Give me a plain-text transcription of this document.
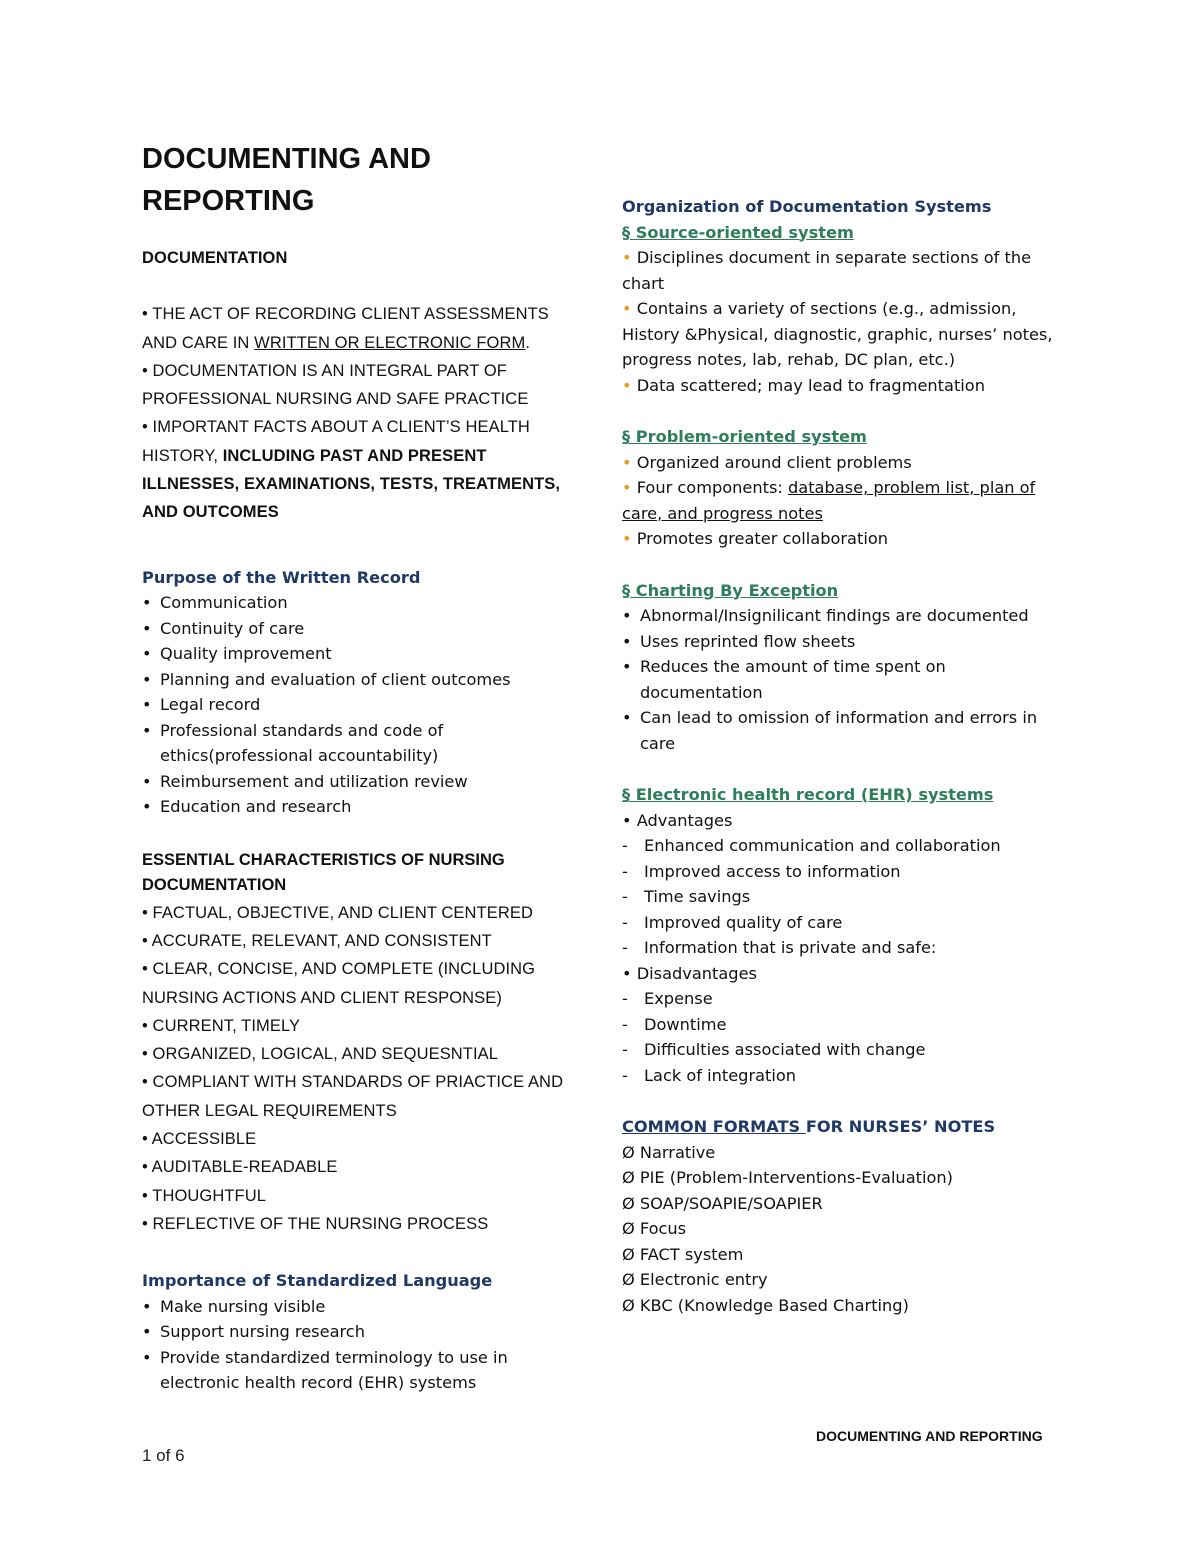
DOCUMENTING AND
REPORTING
DOCUMENTATION
• THE ACT OF RECORDING CLIENT ASSESSMENTS AND CARE IN WRITTEN OR ELECTRONIC FORM.
• DOCUMENTATION IS AN INTEGRAL PART OF PROFESSIONAL NURSING AND SAFE PRACTICE
• IMPORTANT FACTS ABOUT A CLIENT’S HEALTH HISTORY, INCLUDING PAST AND PRESENT ILLNESSES, EXAMINATIONS, TESTS, TREATMENTS, AND OUTCOMES
Purpose of the Written Record
• Communication
• Continuity of care
• Quality improvement
• Planning and evaluation of client outcomes
• Legal record
• Professional standards and code of ethics(professional accountability)
• Reimbursement and utilization review
• Education and research
ESSENTIAL CHARACTERISTICS OF NURSING DOCUMENTATION
• FACTUAL, OBJECTIVE, AND CLIENT CENTERED
• ACCURATE, RELEVANT, AND CONSISTENT
• CLEAR, CONCISE, AND COMPLETE (INCLUDING NURSING ACTIONS AND CLIENT RESPONSE)
• CURRENT, TIMELY
• ORGANIZED, LOGICAL, AND SEQUESNTIAL
• COMPLIANT WITH STANDARDS OF PRIACTICE AND OTHER LEGAL REQUIREMENTS
• ACCESSIBLE
• AUDITABLE-READABLE
• THOUGHTFUL
• REFLECTIVE OF THE NURSING PROCESS
Importance of Standardized Language
• Make nursing visible
• Support nursing research
• Provide standardized terminology to use in electronic health record (EHR) systems
Organization of Documentation Systems
§ Source-oriented system
• Disciplines document in separate sections of the chart
• Contains a variety of sections (e.g., admission, History &Physical, diagnostic, graphic, nurses’ notes, progress notes, lab, rehab, DC plan, etc.)
• Data scattered; may lead to fragmentation
§ Problem-oriented system
• Organized around client problems
• Four components: database, problem list, plan of care, and progress notes
• Promotes greater collaboration
§ Charting By Exception
• Abnormal/Insignilicant findings are documented
• Uses reprinted flow sheets
• Reduces the amount of time spent on documentation
• Can lead to omission of information and errors in care
§ Electronic health record (EHR) systems
• Advantages
- Enhanced communication and collaboration
- Improved access to information
- Time savings
- Improved quality of care
- Information that is private and safe:
• Disadvantages
- Expense
- Downtime
- Difficulties associated with change
- Lack of integration
COMMON FORMATS FOR NURSES’ NOTES
Ø Narrative
Ø PIE (Problem-Interventions-Evaluation)
Ø SOAP/SOAPIE/SOAPIER
Ø Focus
Ø FACT system
Ø Electronic entry
Ø KBC (Knowledge Based Charting)
DOCUMENTING AND REPORTING
1 of 6
